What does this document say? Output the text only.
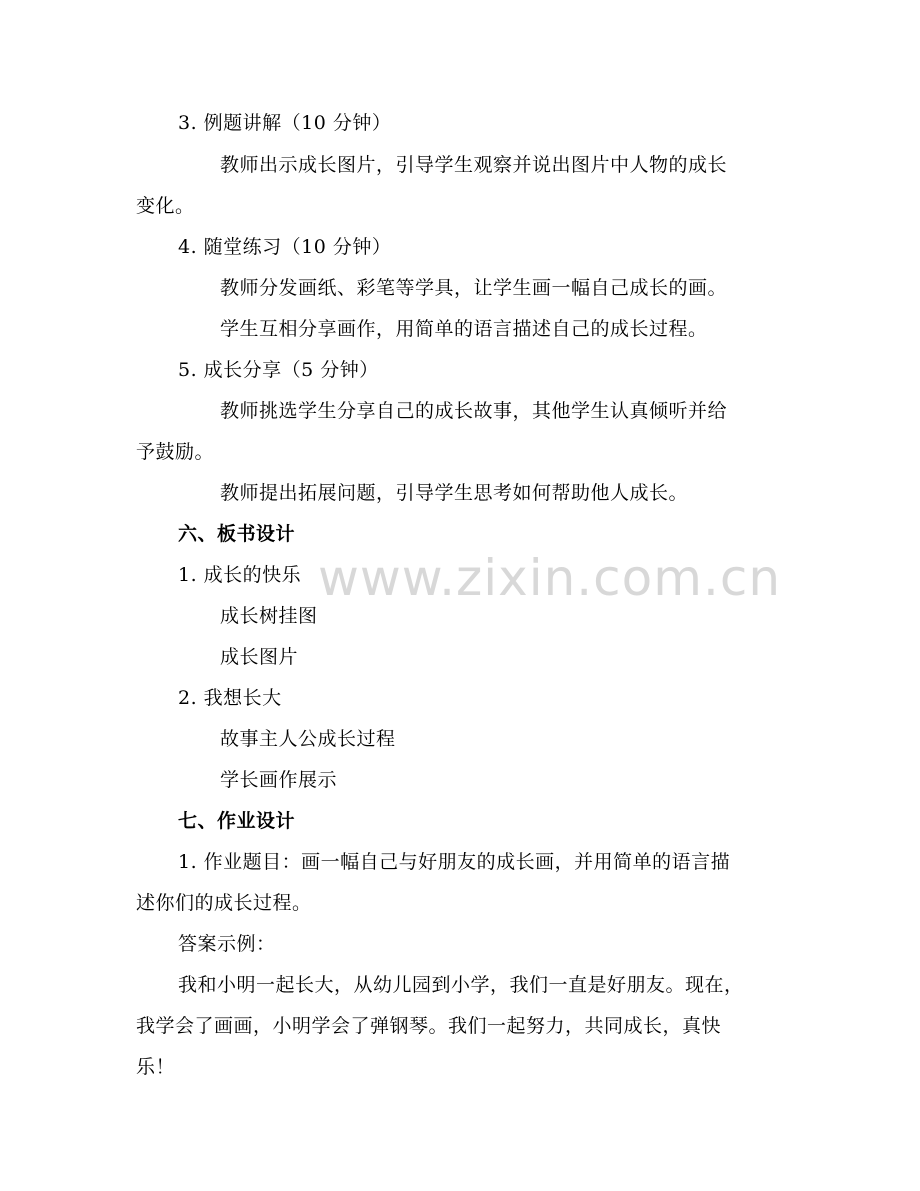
www.zixin.com.cn
3. 例题讲解（10 分钟）
教师出示成长图片，引导学生观察并说出图片中人物的成长
变化。
4. 随堂练习（10 分钟）
教师分发画纸、彩笔等学具，让学生画一幅自己成长的画。
学生互相分享画作，用简单的语言描述自己的成长过程。
5. 成长分享（5 分钟）
教师挑选学生分享自己的成长故事，其他学生认真倾听并给
予鼓励。
教师提出拓展问题，引导学生思考如何帮助他人成长。
六、板书设计
1. 成长的快乐
成长树挂图
成长图片
2. 我想长大
故事主人公成长过程
学长画作展示
七、作业设计
1. 作业题目：画一幅自己与好朋友的成长画，并用简单的语言描
述你们的成长过程。
答案示例：
我和小明一起长大，从幼儿园到小学，我们一直是好朋友。现在，
我学会了画画，小明学会了弹钢琴。我们一起努力，共同成长，真快
乐！
